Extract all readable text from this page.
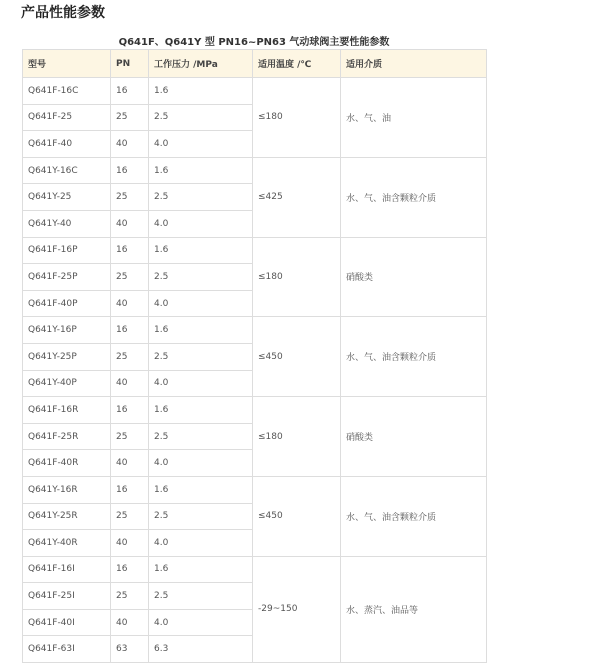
产品性能参数
Q641F、Q641Y 型 PN16~PN63 气动球阀主要性能参数
型号	PN	工作压力 /MPa	适用温度 /℃	适用介质
Q641F-16C	16	1.6	≤180	水、气、油
Q641F-25	25	2.5		
Q641F-40	40	4.0		
Q641Y-16C	16	1.6	≤425	水、气、油含颗粒介质
Q641Y-25	25	2.5		
Q641Y-40	40	4.0		
Q641F-16P	16	1.6	≤180	硝酸类
Q641F-25P	25	2.5		
Q641F-40P	40	4.0		
Q641Y-16P	16	1.6	≤450	水、气、油含颗粒介质
Q641Y-25P	25	2.5		
Q641Y-40P	40	4.0		
Q641F-16R	16	1.6	≤180	硝酸类
Q641F-25R	25	2.5		
Q641F-40R	40	4.0		
Q641Y-16R	16	1.6	≤450	水、气、油含颗粒介质
Q641Y-25R	25	2.5		
Q641Y-40R	40	4.0		
Q641F-16I	16	1.6	-29~150	水、蒸汽、油品等
Q641F-25I	25	2.5		
Q641F-40I	40	4.0		
Q641F-63I	63	6.3		
